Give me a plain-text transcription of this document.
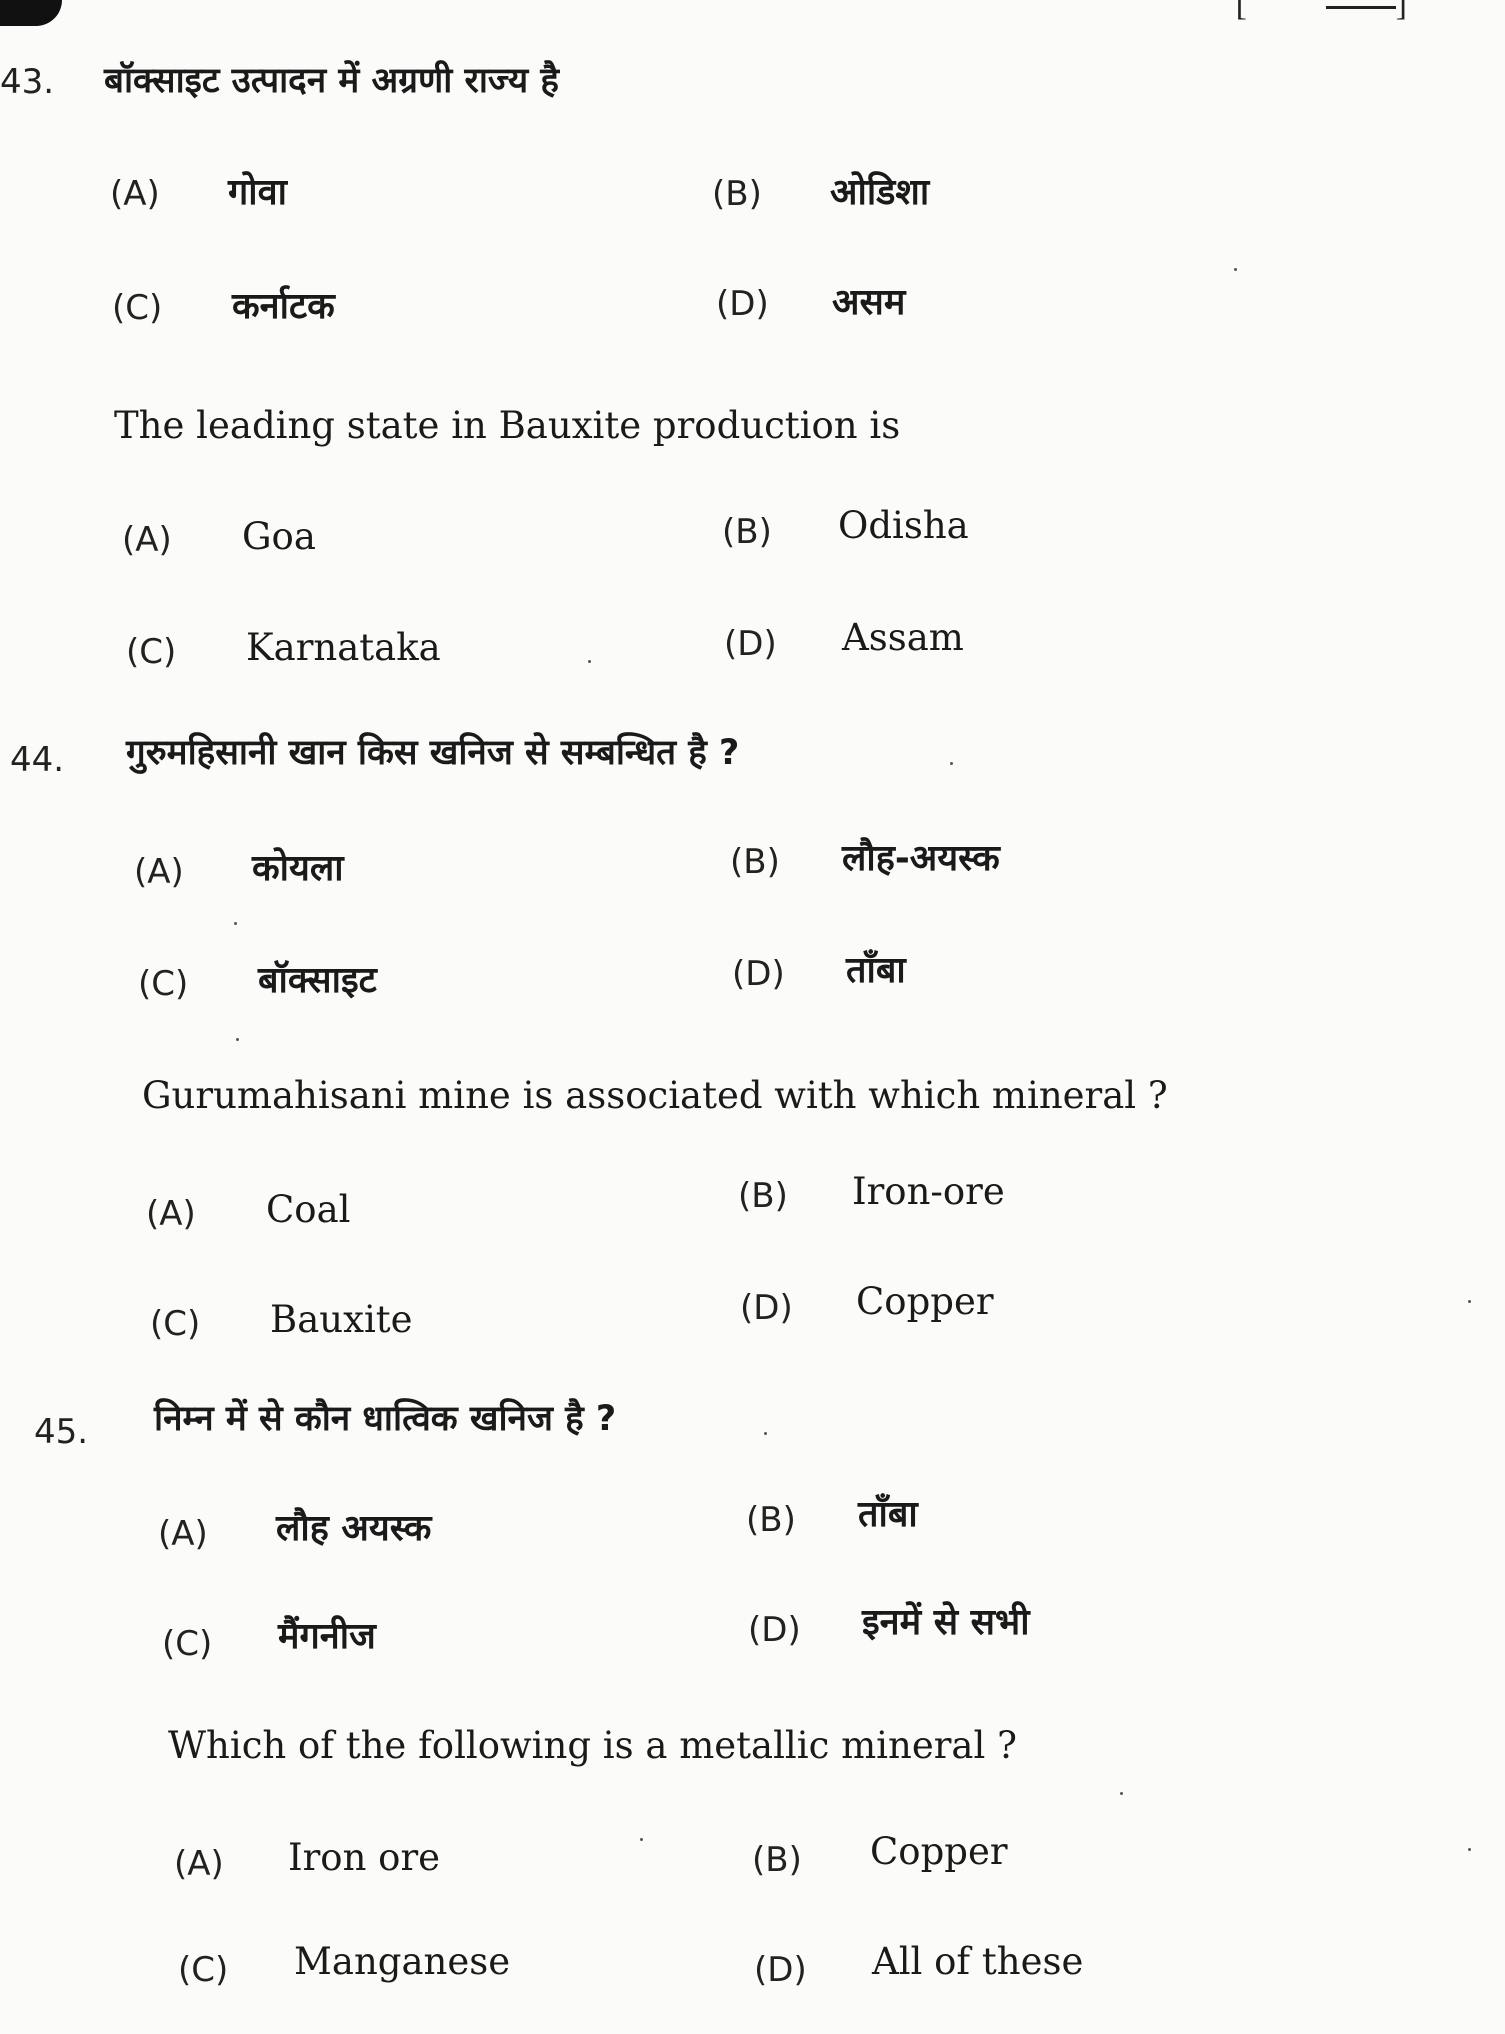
[  ]
43. बॉक्साइट उत्पादन में अग्रणी राज्य है
(A) गोवा	(B) ओडिशा
(C) कर्नाटक	(D) असम
The leading state in Bauxite production is
(A) Goa	(B) Odisha
(C) Karnataka	(D) Assam
44. गुरुमहिसानी खान किस खनिज से सम्बन्धित है ?
(A) कोयला	(B) लौह-अयस्क
(C) बॉक्साइट	(D) ताँबा
Gurumahisani mine is associated with which mineral ?
(A) Coal	(B) Iron-ore
(C) Bauxite	(D) Copper
45. निम्न में से कौन धात्विक खनिज है ?
(A) लौह अयस्क	(B) ताँबा
(C) मैंगनीज	(D) इनमें से सभी
Which of the following is a metallic mineral ?
(A) Iron ore	(B) Copper
(C) Manganese	(D) All of these
